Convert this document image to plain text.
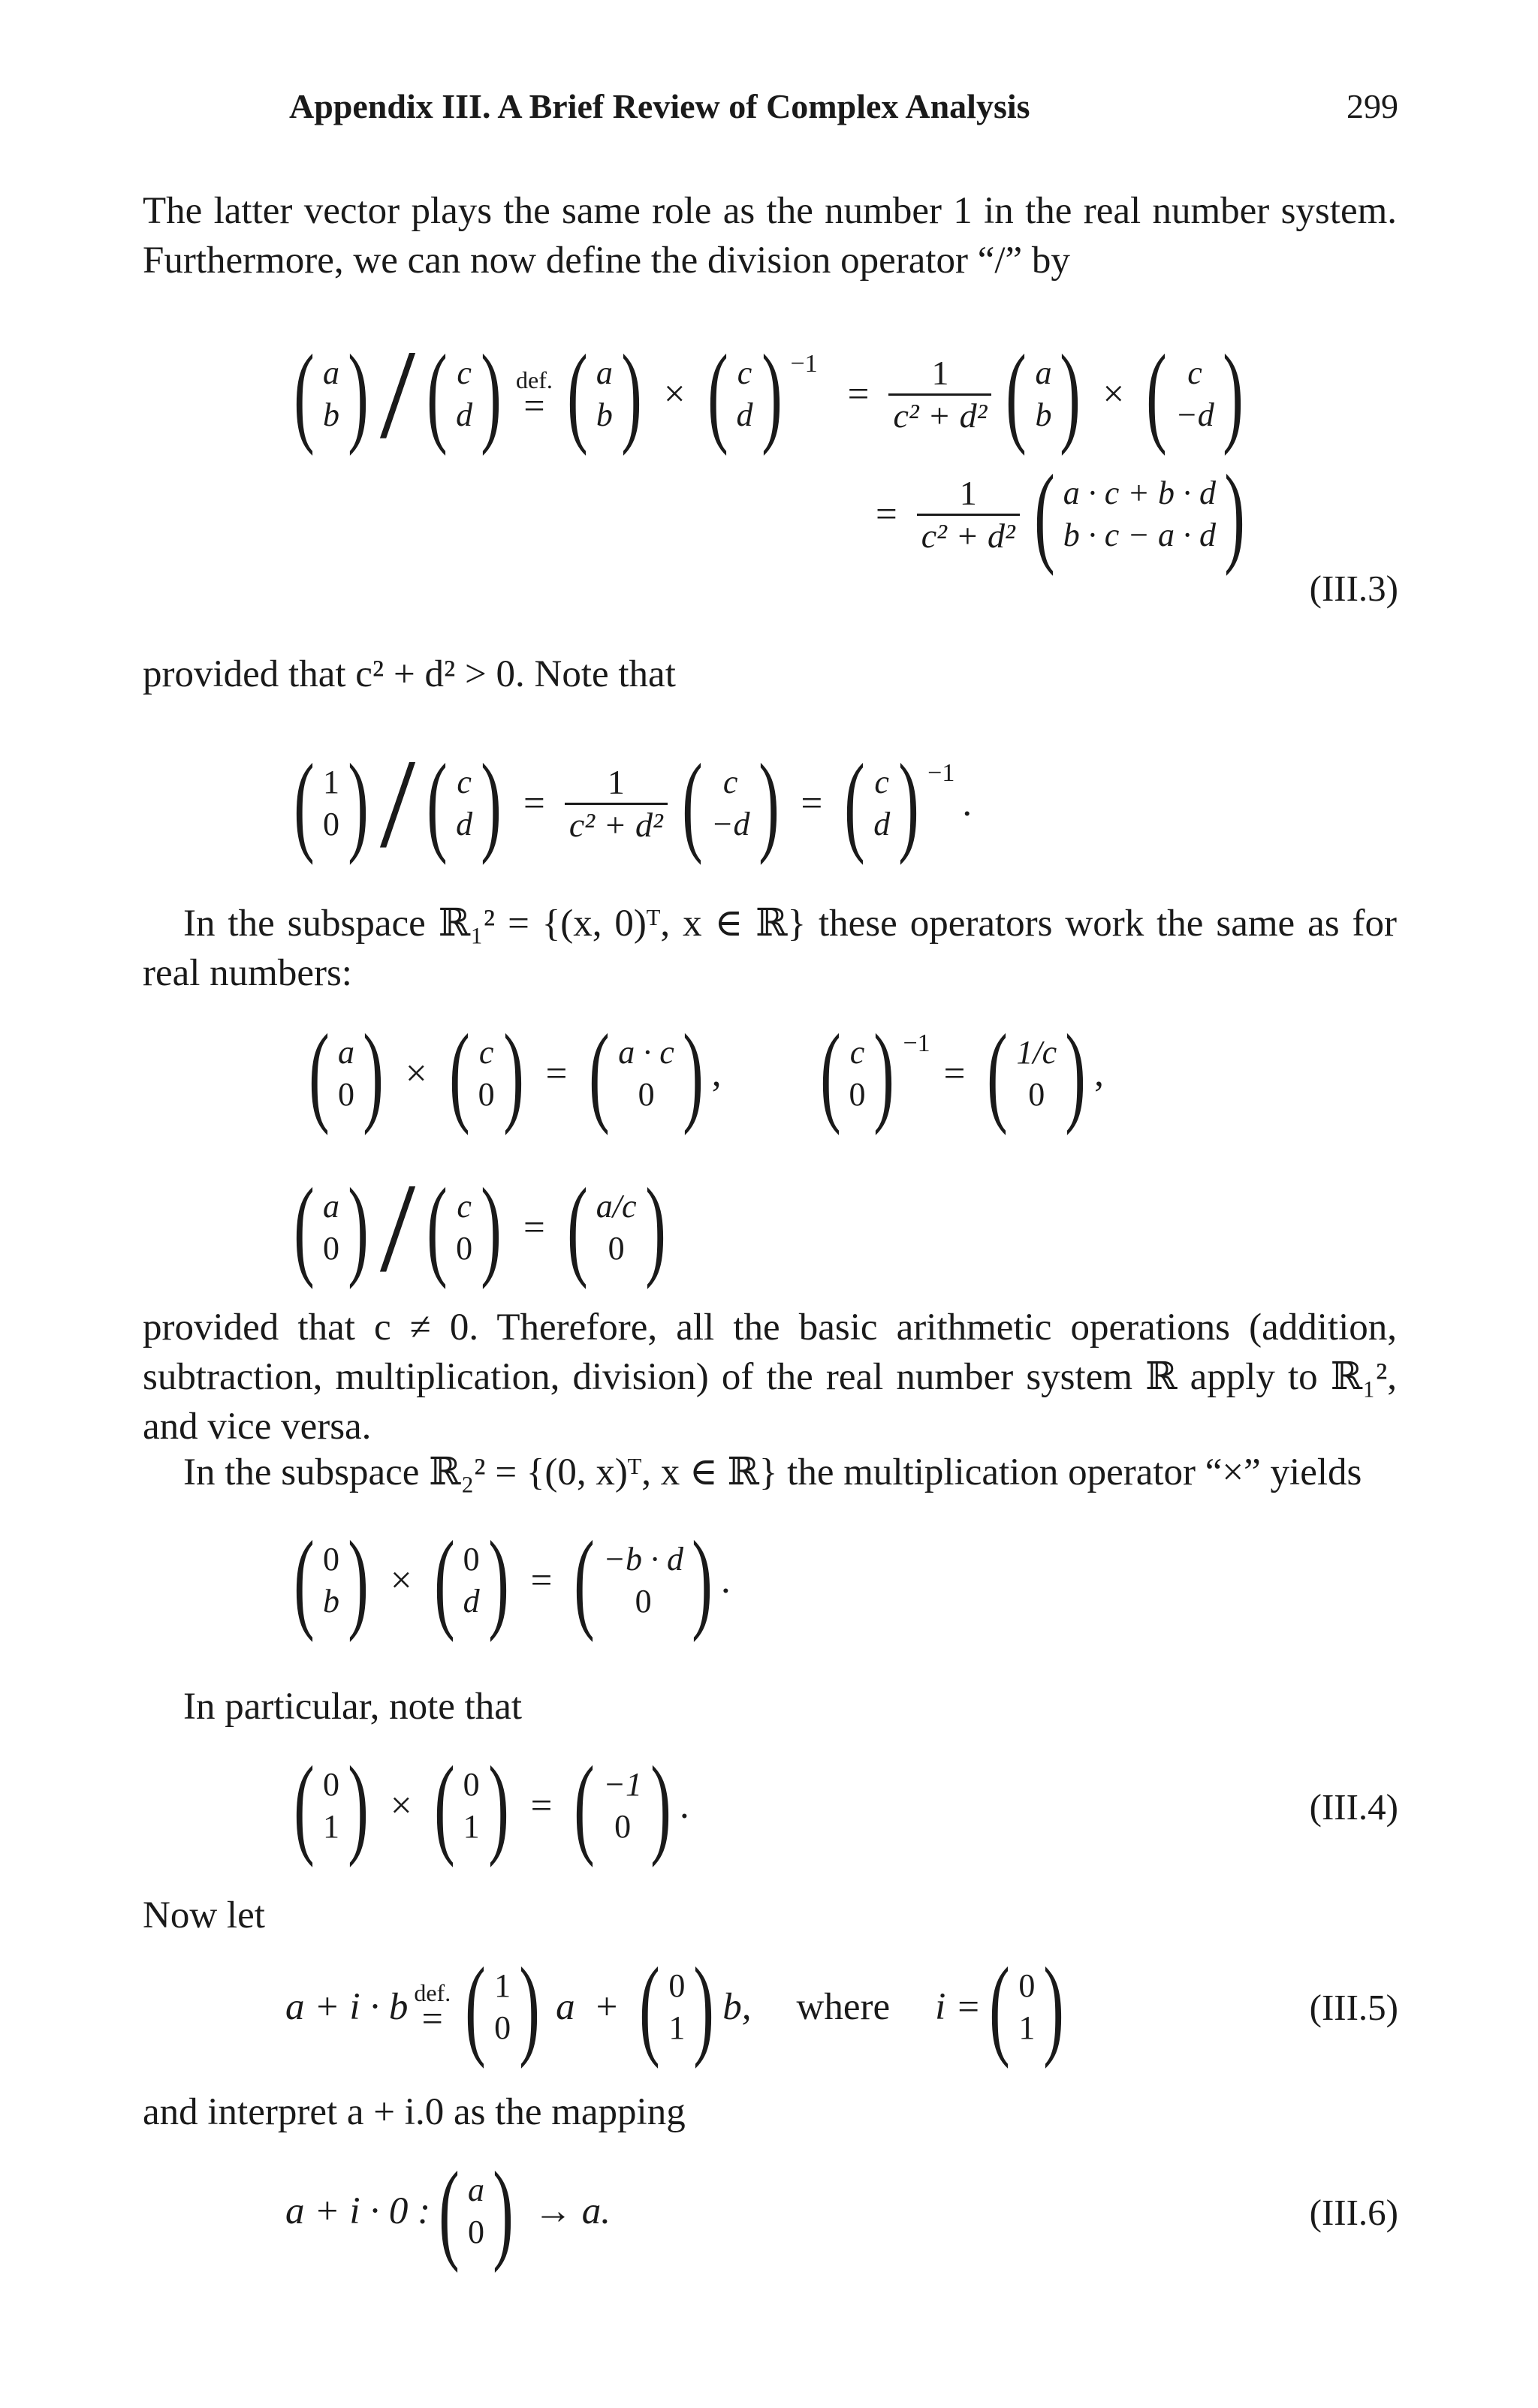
Appendix III. A Brief Review of Complex Analysis	299
The latter vector plays the same role as the number 1 in the real number system. Furthermore, we can now define the division operator “/” by
( a
b ) / ( c
d ) def.
= ( a
b ) × ( c
d ) −1
= $\frac{1}{\text{c² + d²}}$ ( a
b ) × ( c
−d )
= $\frac{1}{\text{c² + d²}}$ ( a · c + b · d
b · c − a · d )
(III.3)
provided that c² + d² > 0. Note that
( 1
0 ) / ( c
d ) = $\frac{1}{\text{c² + d²}}$ ( c
−d ) = ( c
d ) −1
.
In the subspace ℝ₁² = {(x, 0)ᵀ, x ∈ ℝ} these operators work the same as for real numbers:
( a
0 ) × ( c
0 ) = ( a · c
0 ) , ( c
0 ) −1
= ( 1/c
0 ) ,
( a
0 ) / ( c
0 ) = ( a/c
0 )
provided that c ≠ 0. Therefore, all the basic arithmetic operations (addition, subtraction, multiplication, division) of the real number system ℝ apply to ℝ₁², and vice versa.
In the subspace ℝ₂² = {(0, x)ᵀ, x ∈ ℝ} the multiplication operator “×” yields
( 0
b ) × ( 0
d ) = ( −b · d
0 ) .
In particular, note that
( 0
1 ) × ( 0
1 ) = ( −1
0 ) .	(III.4)
Now let
a + i · b def.
= ( 1
0 ) a + ( 0
1 ) b, where i = ( 0
1 )	(III.5)
and interpret a + i.0 as the mapping
a + i · 0 : ( a
0 ) → a.	(III.6)
